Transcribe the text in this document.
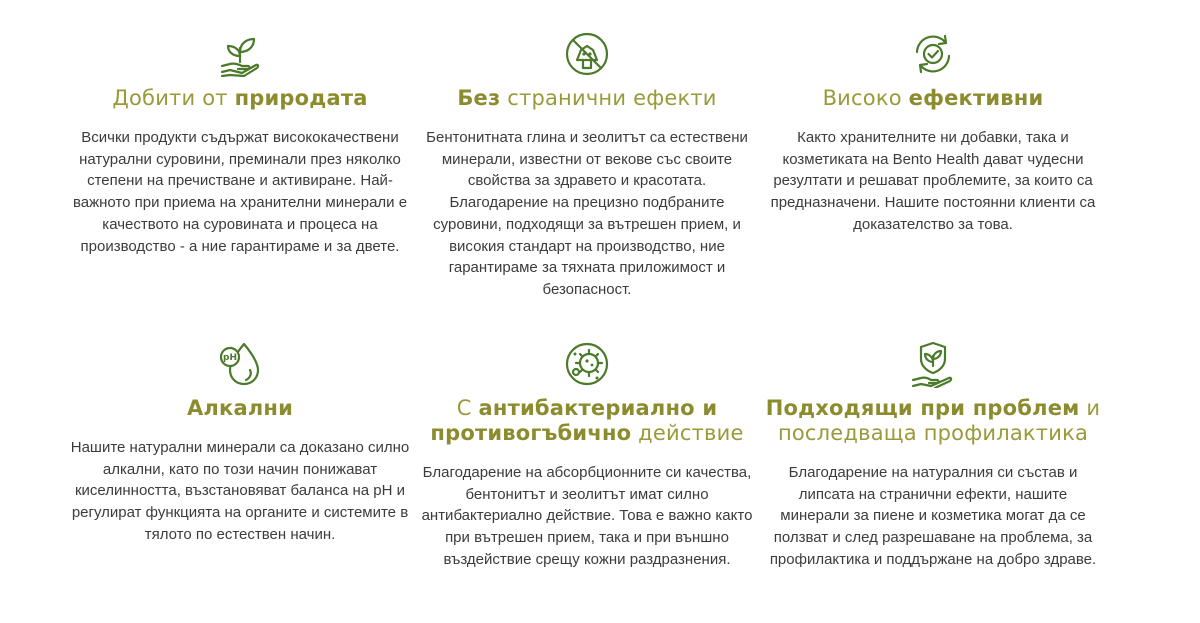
Добити от природата

Всички продукти съдържат висококачествени натурални суровини, преминали през няколко степени на пречистване и активиране. Най-важното при приема на хранителни минерали е качеството на суровината и процеса на производство - а ние гарантираме и за двете.

Без странични ефекти

Бентонитната глина и зеолитът са естествени минерали, известни от векове със своите свойства за здравето и красотата. Благодарение на прецизно подбраните суровини, подходящи за вътрешен прием, и високия стандарт на производство, ние гарантираме за тяхната приложимост и безопасност.

Високо ефективни

Както хранителните ни добавки, така и козметиката на Bento Health дават чудесни резултати и решават проблемите, за които са предназначени. Нашите постоянни клиенти са доказателство за това.

pH
Алкални

Нашите натурални минерали са доказано силно алкални, като по този начин понижават киселинността, възстановяват баланса на pH и регулират функцията на органите и системите в тялото по естествен начин.

С антибактериално и противогъбично действие

Благодарение на абсорбционните си качества, бентонитът и зеолитът имат силно антибактериално действие. Това е важно както при вътрешен прием, така и при външно въздействие срещу кожни раздразнения.

Подходящи при проблем и последваща профилактика

Благодарение на натуралния си състав и липсата на странични ефекти, нашите минерали за пиене и козметика могат да се ползват и след разрешаване на проблема, за профилактика и поддържане на добро здраве.
